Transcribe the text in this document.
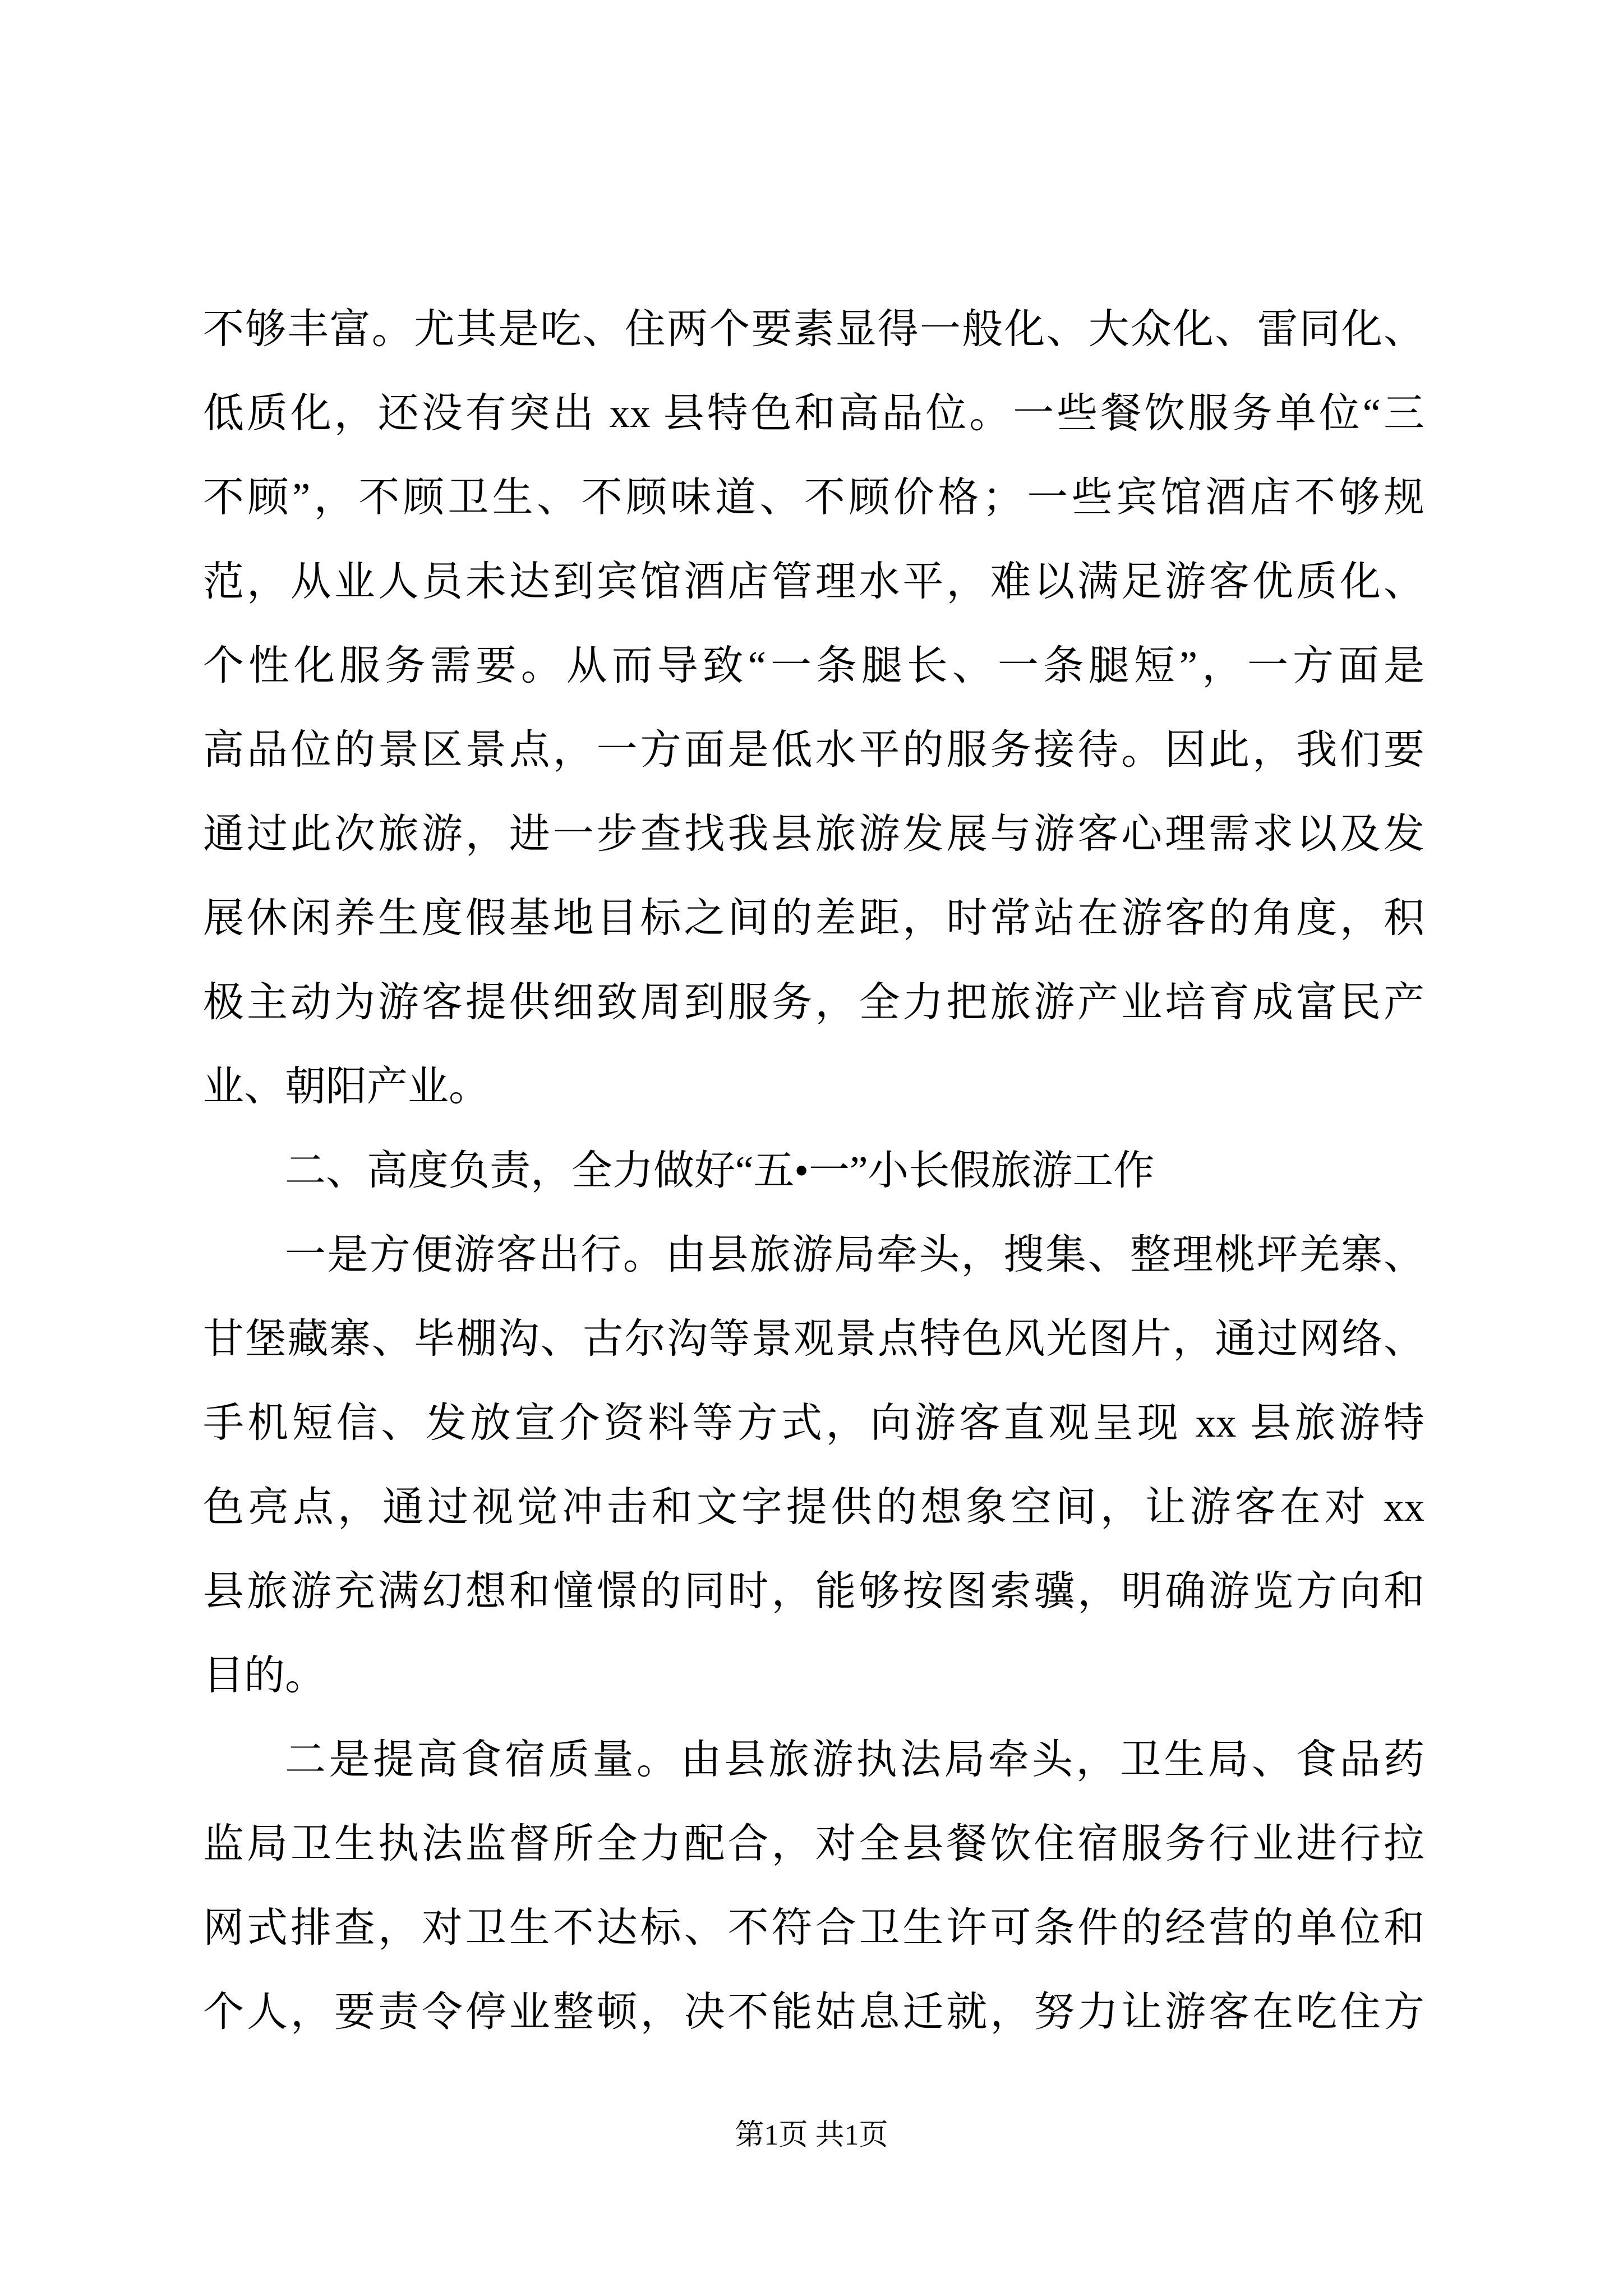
不够丰富。尤其是吃、住两个要素显得一般化、大众化、雷同化、
低质化，还没有突出 xx 县特色和高品位。一些餐饮服务单位“三
不顾”，不顾卫生、不顾味道、不顾价格；一些宾馆酒店不够规
范，从业人员未达到宾馆酒店管理水平，难以满足游客优质化、
个性化服务需要。从而导致“一条腿长、一条腿短”，一方面是
高品位的景区景点，一方面是低水平的服务接待。因此，我们要
通过此次旅游，进一步查找我县旅游发展与游客心理需求以及发
展休闲养生度假基地目标之间的差距，时常站在游客的角度，积
极主动为游客提供细致周到服务，全力把旅游产业培育成富民产
业、朝阳产业。
二、高度负责，全力做好“五•一”小长假旅游工作
一是方便游客出行。由县旅游局牵头，搜集、整理桃坪羌寨、
甘堡藏寨、毕棚沟、古尔沟等景观景点特色风光图片，通过网络、
手机短信、发放宣介资料等方式，向游客直观呈现 xx 县旅游特
色亮点，通过视觉冲击和文字提供的想象空间，让游客在对 xx
县旅游充满幻想和憧憬的同时，能够按图索骥，明确游览方向和
目的。
二是提高食宿质量。由县旅游执法局牵头，卫生局、食品药
监局卫生执法监督所全力配合，对全县餐饮住宿服务行业进行拉
网式排查，对卫生不达标、不符合卫生许可条件的经营的单位和
个人，要责令停业整顿，决不能姑息迁就，努力让游客在吃住方
第1页 共1页
